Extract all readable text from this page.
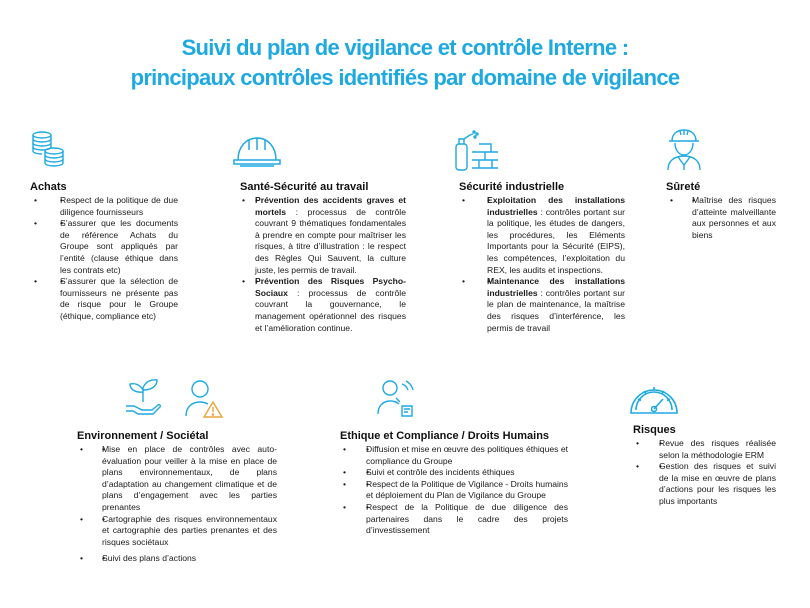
Suivi du plan de vigilance et contrôle Interne :
principaux contrôles identifiés par domaine de vigilance
Achats
• •	Respect de la politique de due diligence fournisseurs
• •	S’assurer que les documents de référence Achats du Groupe sont appliqués par l’entité (clause éthique dans les contrats etc)
• •	S’assurer que la sélection de fournisseurs ne présente pas de risque pour le Groupe (éthique, compliance etc)
Santé-Sécurité au travail
• • Prévention des accidents graves et mortels : processus de contrôle couvrant 9 thématiques fondamentales à prendre en compte pour maîtriser les risques, à titre d’illustration : le respect des Règles Qui Sauvent, la culture juste, les permis de travail.
• • Prévention des Risques Psycho-Sociaux : processus de contrôle couvrant la gouvernance, le management opérationnel des risques et l’amélioration continue.
Sécurité industrielle
• •	Exploitation des installations industrielles : contrôles portant sur la politique, les études de dangers, les procédures, les Eléments Importants pour la Sécurité (EIPS), les compétences, l’exploitation du REX, les audits et inspections.
• •	Maintenance des installations industrielles : contrôles portant sur le plan de maintenance, la maîtrise des risques d’interférence, les permis de travail
Sûreté
• • Maîtrise des risques d’atteinte malveillante aux personnes et aux biens
Environnement / Sociétal
• • Mise en place de contrôles avec auto-évaluation pour veiller à la mise en place de plans environnementaux, de plans d’adaptation au changement climatique et de plans d’engagement avec les parties prenantes
• • Cartographie des risques environnementaux et cartographie des parties prenantes et des risques sociétaux
• • Suivi des plans d’actions
Ethique et Compliance / Droits Humains
• • Diffusion et mise en œuvre des politiques éthiques et compliance du Groupe
• • Suivi et contrôle des incidents éthiques
• • Respect de la Politique de Vigilance - Droits humains et déploiement du Plan de Vigilance du Groupe
• • Respect de la Politique de due diligence des partenaires dans le cadre des projets d’investissement
Risques
• • Revue des risques réalisée selon la méthodologie ERM
• • Gestion des risques et suivi de la mise en œuvre de plans d’actions pour les risques les plus importants
